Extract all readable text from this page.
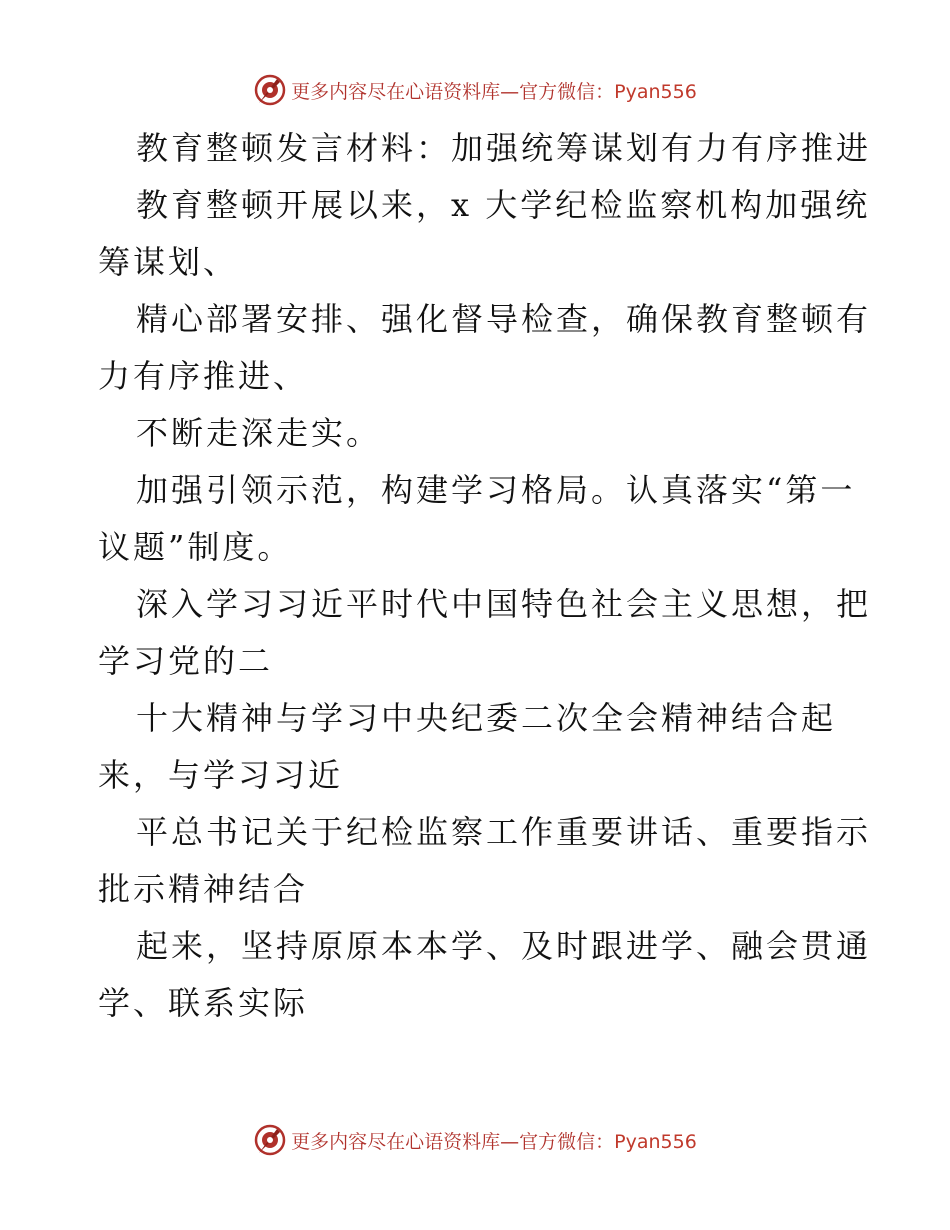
更多内容尽在心语资料库—官方微信：Pyan556
教育整顿发言材料：加强统筹谋划有力有序推进
教育整顿开展以来，x 大学纪检监察机构加强统
筹谋划、
精心部署安排、强化督导检查，确保教育整顿有
力有序推进、
不断走深走实。
加强引领示范，构建学习格局。认真落实“第一
议题”制度。
深入学习习近平时代中国特色社会主义思想，把
学习党的二
十大精神与学习中央纪委二次全会精神结合起
来，与学习习近
平总书记关于纪检监察工作重要讲话、重要指示
批示精神结合
起来，坚持原原本本学、及时跟进学、融会贯通
学、联系实际
更多内容尽在心语资料库—官方微信：Pyan556
